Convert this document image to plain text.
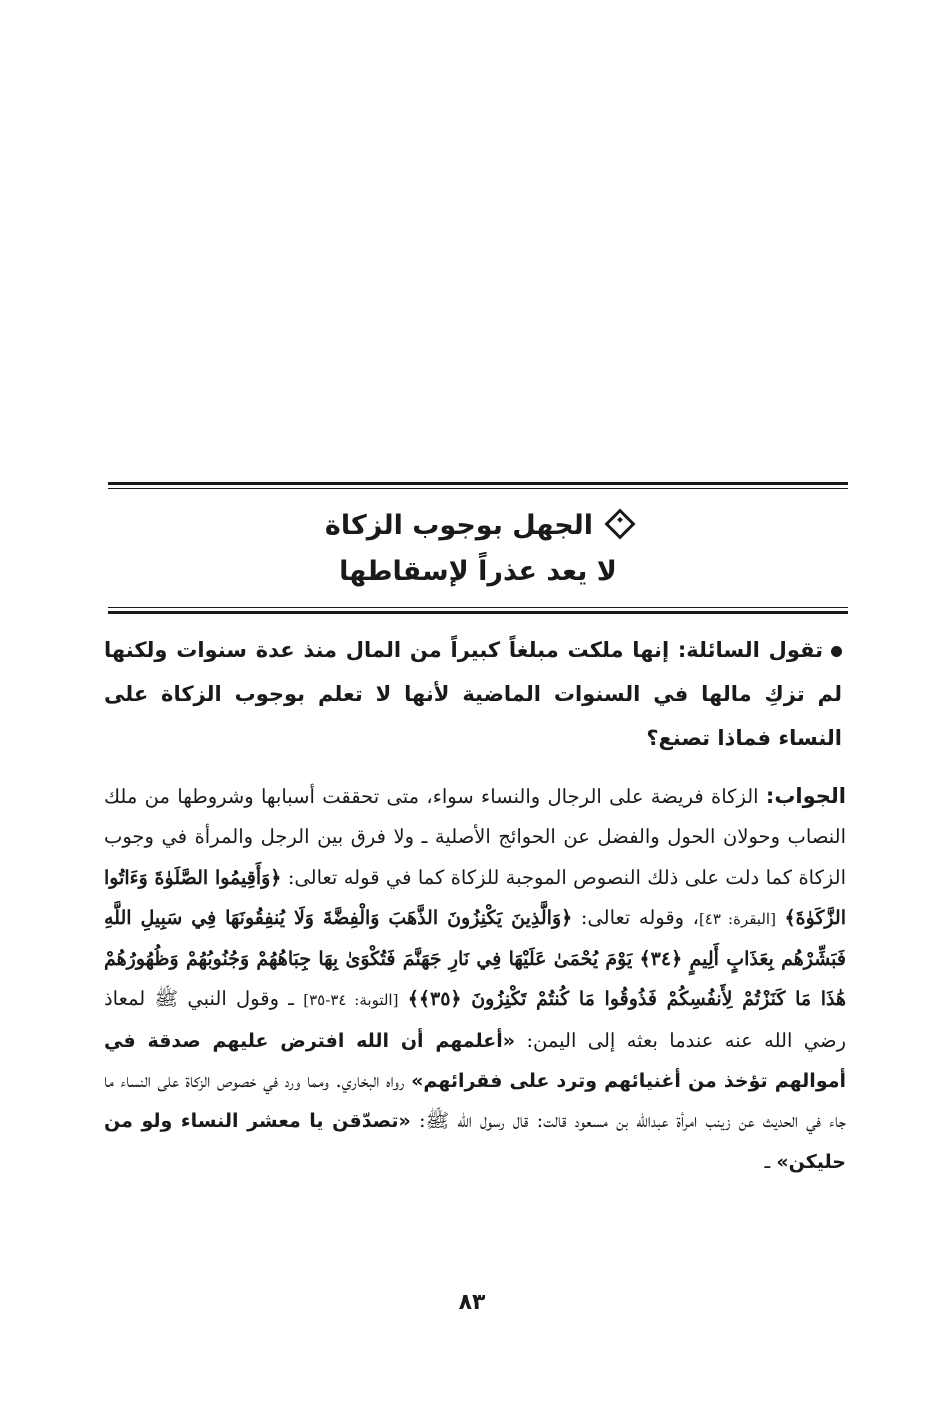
الجهل بوجوب الزكاة
لا يعد عذراً لإسقاطها
تقول السائلة: إنها ملكت مبلغاً كبيراً من المال منذ عدة سنوات ولكنها لم تزكِ مالها في السنوات الماضية لأنها لا تعلم بوجوب الزكاة على النساء فماذا تصنع؟
الجواب: الزكاة فريضة على الرجال والنساء سواء، متى تحققت أسبابها وشروطها من ملك النصاب وحولان الحول والفضل عن الحوائج الأصلية ـ ولا فرق بين الرجل والمرأة في وجوب الزكاة كما دلت على ذلك النصوص الموجبة للزكاة كما في قوله تعالى: ﴿وَأَقِيمُوا الصَّلَوٰةَ وَءَاتُوا الزَّكَوٰةَ﴾ [البقرة: ٤٣]، وقوله تعالى: ﴿وَالَّذِينَ يَكْنِزُونَ الذَّهَبَ وَالْفِضَّةَ وَلَا يُنفِقُونَهَا فِي سَبِيلِ اللَّهِ فَبَشِّرْهُم بِعَذَابٍ أَلِيمٍ ﴿٣٤﴾ يَوْمَ يُحْمَىٰ عَلَيْهَا فِي نَارِ جَهَنَّمَ فَتُكْوَىٰ بِهَا جِبَاهُهُمْ وَجُنُوبُهُمْ وَظُهُورُهُمْ هَٰذَا مَا كَنَزْتُمْ لِأَنفُسِكُمْ فَذُوقُوا مَا كُنتُمْ تَكْنِزُونَ ﴿٣٥﴾﴾ [التوبة: ٣٤-٣٥] ـ وقول النبي ﷺ لمعاذ رضي الله عنه عندما بعثه إلى اليمن: «أعلمهم أن الله افترض عليهم صدقة في أموالهم تؤخذ من أغنيائهم وترد على فقرائهم» رواه البخاري. ومما ورد في خصوص الزكاة على النساء ما جاء في الحديث عن زينب امرأة عبدالله بن مسعود قالت: قال رسول الله ﷺ: «تصدّقن يا معشر النساء ولو من حليكن» ـ
٨٣
